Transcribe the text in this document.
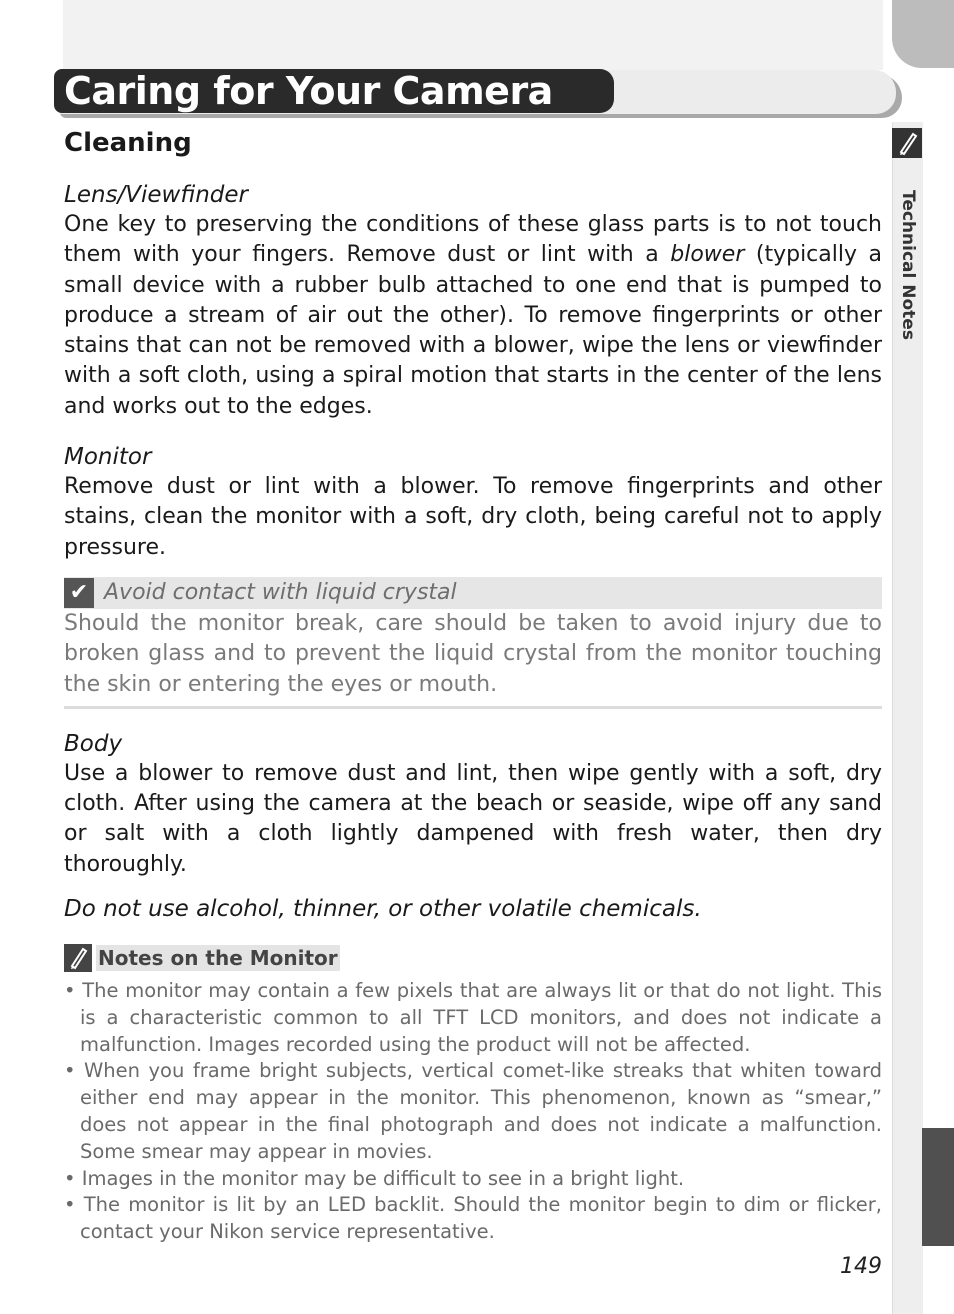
Caring for Your Camera
Technical Notes
Cleaning
Lens/Viewfinder

One key to preserving the conditions of these glass parts is to not touch them with your fingers. Remove dust or lint with a blower (typically a small device with a rubber bulb attached to one end that is pumped to produce a stream of air out the other). To remove fingerprints or other stains that can not be removed with a blower, wipe the lens or viewfinder with a soft cloth, using a spiral motion that starts in the center of the lens and works out to the edges.

Monitor

Remove dust or lint with a blower. To remove fingerprints and other stains, clean the monitor with a soft, dry cloth, being careful not to apply pressure.

✔ Avoid contact with liquid crystal

Should the monitor break, care should be taken to avoid injury due to broken glass and to prevent the liquid crystal from the monitor touching the skin or entering the eyes or mouth.

Body

Use a blower to remove dust and lint, then wipe gently with a soft, dry cloth. After using the camera at the beach or seaside, wipe off any sand or salt with a cloth lightly dampened with fresh water, then dry thoroughly.

Do not use alcohol, thinner, or other volatile chemicals.
Notes on the Monitor
• The monitor may contain a few pixels that are always lit or that do not light. This is a characteristic common to all TFT LCD monitors, and does not indicate a malfunction. Images recorded using the product will not be affected.
• When you frame bright subjects, vertical comet-like streaks that whiten toward either end may appear in the monitor. This phenomenon, known as “smear,” does not appear in the final photograph and does not indicate a malfunction. Some smear may appear in movies.
• Images in the monitor may be difficult to see in a bright light.
• The monitor is lit by an LED backlit. Should the monitor begin to dim or flicker, contact your Nikon service representative.
149
